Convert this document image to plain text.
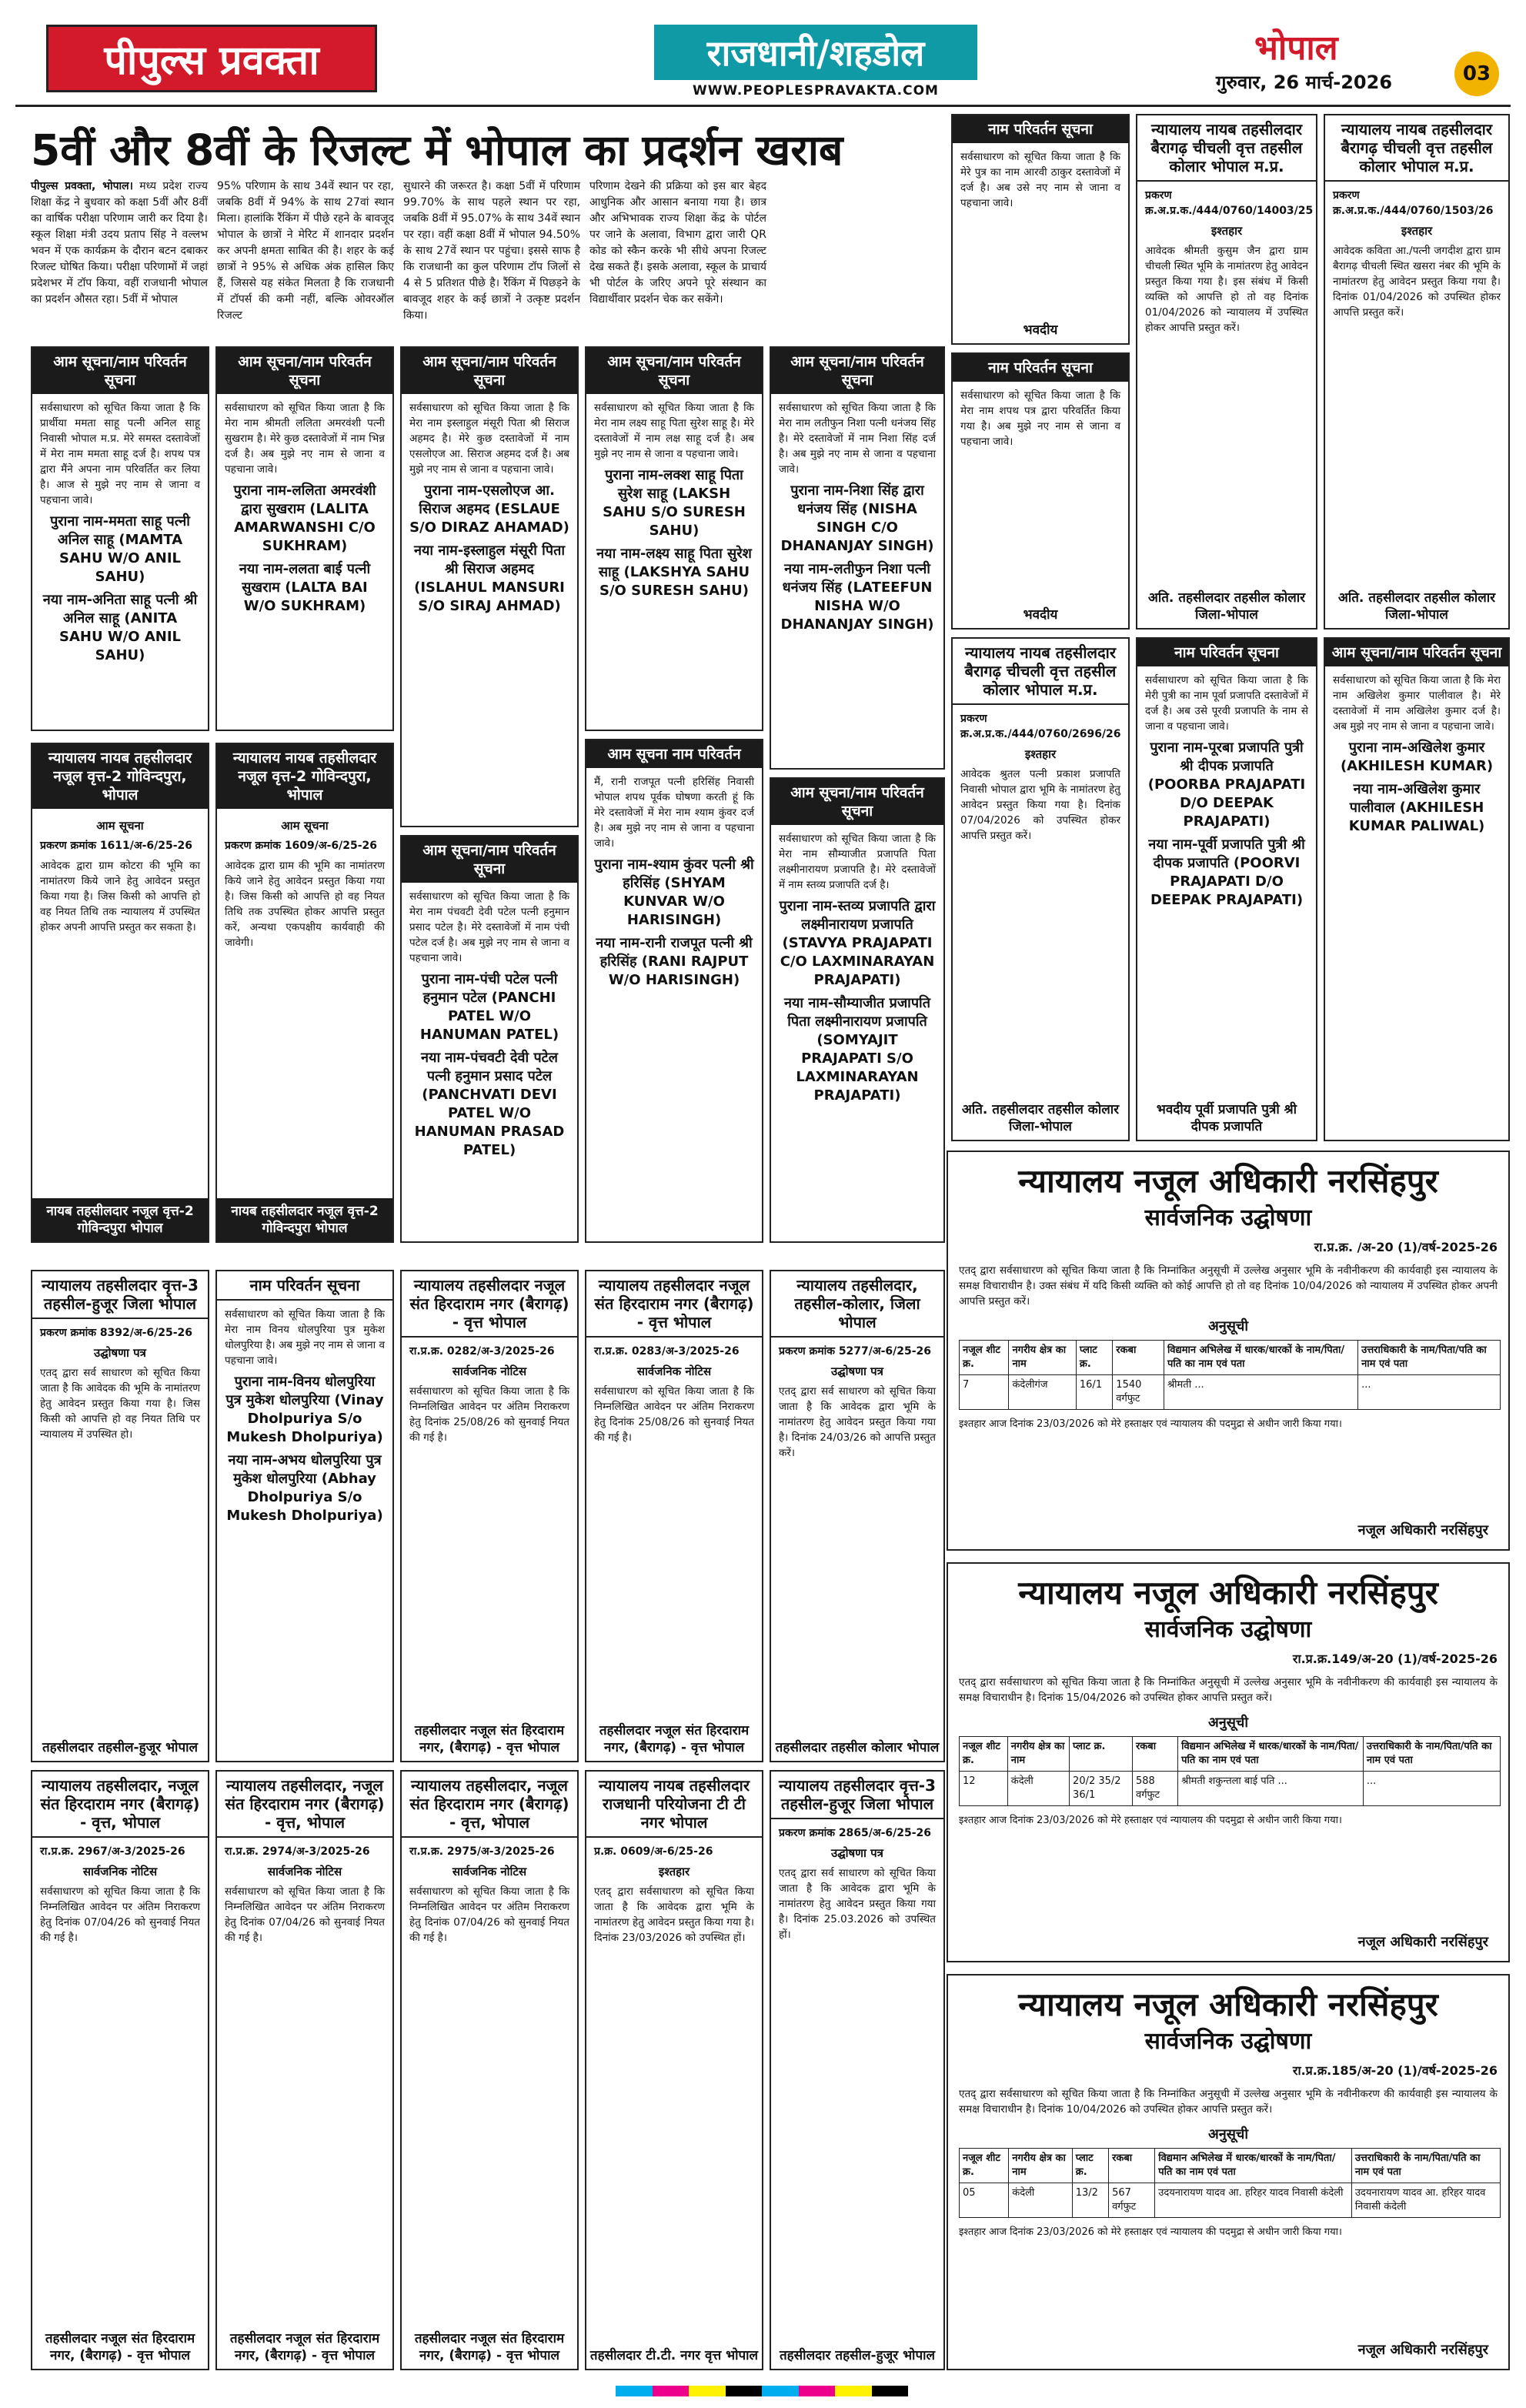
पीपुल्स प्रवक्ता	राजधानी/शहडोल
WWW.PEOPLESPRAVAKTA.COM
भोपाल
गुरुवार, 26 मार्च-2026	03
5वीं और 8वीं के रिजल्ट में भोपाल का प्रदर्शन खराब
पीपुल्स प्रवक्ता, भोपाल। मध्य प्रदेश राज्य शिक्षा केंद्र ने बुधवार को कक्षा 5वीं और 8वीं का वार्षिक परीक्षा परिणाम जारी कर दिया है। स्कूल शिक्षा मंत्री उदय प्रताप सिंह ने वल्लभ भवन में एक कार्यक्रम के दौरान बटन दबाकर रिजल्ट घोषित किया। परीक्षा परिणामों में जहां प्रदेशभर में टॉप किया, वहीं राजधानी भोपाल का प्रदर्शन औसत रहा। 5वीं में भोपाल
95% परिणाम के साथ 34वें स्थान पर रहा, जबकि 8वीं में 94% के साथ 27वां स्थान मिला। हालांकि रैंकिंग में पीछे रहने के बावजूद भोपाल के छात्रों ने मेरिट में शानदार प्रदर्शन कर अपनी क्षमता साबित की है। शहर के कई छात्रों ने 95% से अधिक अंक हासिल किए हैं, जिससे यह संकेत मिलता है कि राजधानी में टॉपर्स की कमी नहीं, बल्कि ओवरऑल रिजल्ट
सुधारने की जरूरत है। कक्षा 5वीं में परिणाम 99.70% के साथ पहले स्थान पर रहा, जबकि 8वीं में 95.07% के साथ 34वें स्थान पर रहा। वहीं कक्षा 8वीं में भोपाल 94.50% के साथ 27वें स्थान पर पहुंचा। इससे साफ है कि राजधानी का कुल परिणाम टॉप जिलों से 4 से 5 प्रतिशत पीछे है। रैंकिंग में पिछड़ने के बावजूद शहर के कई छात्रों ने उत्कृष्ट प्रदर्शन किया।
परिणाम देखने की प्रक्रिया को इस बार बेहद आधुनिक और आसान बनाया गया है। छात्र और अभिभावक राज्य शिक्षा केंद्र के पोर्टल पर जाने के अलावा, विभाग द्वारा जारी QR कोड को स्कैन करके भी सीधे अपना रिजल्ट देख सकते हैं। इसके अलावा, स्कूल के प्राचार्य भी पोर्टल के जरिए अपने पूरे संस्थान का विद्यार्थीवार प्रदर्शन चेक कर सकेंगे।
आम सूचना/नाम परिवर्तन सूचना
सर्वसाधारण को सूचित किया जाता है कि प्रार्थीया ममता साहू पत्नी अनिल साहू निवासी भोपाल म.प्र. मेरे समस्त दस्तावेजों में मेरा नाम ममता साहू दर्ज है। शपथ पत्र द्वारा मैंने अपना नाम परिवर्तित कर लिया है। आज से मुझे नए नाम से जाना व पहचाना जावे।
पुराना नाम-ममता साहू पत्नी अनिल साहू (MAMTA SAHU W/O ANIL SAHU)
नया नाम-अनिता साहू पत्नी श्री अनिल साहू (ANITA SAHU W/O ANIL SAHU)
आम सूचना/नाम परिवर्तन सूचना
सर्वसाधारण को सूचित किया जाता है कि मेरा नाम श्रीमती ललिता अमरवंशी पत्नी सुखराम है। मेरे कुछ दस्तावेजों में नाम भिन्न दर्ज है। अब मुझे नए नाम से जाना व पहचाना जावे।
पुराना नाम-ललिता अमरवंशी द्वारा सुखराम (LALITA AMARWANSHI C/O SUKHRAM)
नया नाम-ललता बाई पत्नी सुखराम (LALTA BAI W/O SUKHRAM)
आम सूचना/नाम परिवर्तन सूचना
सर्वसाधारण को सूचित किया जाता है कि मेरा नाम इस्लाहुल मंसूरी पिता श्री सिराज अहमद है। मेरे कुछ दस्तावेजों में नाम एसलोएज आ. सिराज अहमद दर्ज है। अब मुझे नए नाम से जाना व पहचाना जावे।
पुराना नाम-एसलोएज आ. सिराज अहमद (ESLAUE S/O DIRAZ AHAMAD)
नया नाम-इस्लाहुल मंसूरी पिता श्री सिराज अहमद (ISLAHUL MANSURI S/O SIRAJ AHMAD)
आम सूचना/नाम परिवर्तन सूचना
सर्वसाधारण को सूचित किया जाता है कि मेरा नाम लक्ष्य साहू पिता सुरेश साहू है। मेरे दस्तावेजों में नाम लक्ष साहू दर्ज है। अब मुझे नए नाम से जाना व पहचाना जावे।
पुराना नाम-लक्श साहू पिता सुरेश साहू (LAKSH SAHU S/O SURESH SAHU)
नया नाम-लक्ष्य साहू पिता सुरेश साहू (LAKSHYA SAHU S/O SURESH SAHU)
आम सूचना/नाम परिवर्तन सूचना
सर्वसाधारण को सूचित किया जाता है कि मेरा नाम लतीफुन निशा पत्नी धनंजय सिंह है। मेरे दस्तावेजों में नाम निशा सिंह दर्ज है। अब मुझे नए नाम से जाना व पहचाना जावे।
पुराना नाम-निशा सिंह द्वारा धनंजय सिंह (NISHA SINGH C/O DHANANJAY SINGH)
नया नाम-लतीफुन निशा पत्नी धनंजय सिंह (LATEEFUN NISHA W/O DHANANJAY SINGH)
न्यायालय नायब तहसीलदार नजूल वृत्त-2 गोविन्दपुरा, भोपाल
आम सूचना
प्रकरण क्रमांक 1611/अ-6/25-26
आवेदक द्वारा ग्राम कोटरा की भूमि का नामांतरण किये जाने हेतु आवेदन प्रस्तुत किया गया है। जिस किसी को आपत्ति हो वह नियत तिथि तक न्यायालय में उपस्थित होकर अपनी आपत्ति प्रस्तुत कर सकता है।
नायब तहसीलदार नजूल वृत्त-2 गोविन्दपुरा भोपाल
न्यायालय नायब तहसीलदार नजूल वृत्त-2 गोविन्दपुरा, भोपाल
आम सूचना
प्रकरण क्रमांक 1609/अ-6/25-26
आवेदक द्वारा ग्राम की भूमि का नामांतरण किये जाने हेतु आवेदन प्रस्तुत किया गया है। जिस किसी को आपत्ति हो वह नियत तिथि तक उपस्थित होकर आपत्ति प्रस्तुत करें, अन्यथा एकपक्षीय कार्यवाही की जावेगी।
नायब तहसीलदार नजूल वृत्त-2 गोविन्दपुरा भोपाल
आम सूचना/नाम परिवर्तन सूचना
सर्वसाधारण को सूचित किया जाता है कि मेरा नाम पंचवटी देवी पटेल पत्नी हनुमान प्रसाद पटेल है। मेरे दस्तावेजों में नाम पंची पटेल दर्ज है। अब मुझे नए नाम से जाना व पहचाना जावे।
पुराना नाम-पंची पटेल पत्नी हनुमान पटेल (PANCHI PATEL W/O HANUMAN PATEL)
नया नाम-पंचवटी देवी पटेल पत्नी हनुमान प्रसाद पटेल (PANCHVATI DEVI PATEL W/O HANUMAN PRASAD PATEL)
आम सूचना नाम परिवर्तन
मैं, रानी राजपूत पत्नी हरिसिंह निवासी भोपाल शपथ पूर्वक घोषणा करती हूं कि मेरे दस्तावेजों में मेरा नाम श्याम कुंवर दर्ज है। अब मुझे नए नाम से जाना व पहचाना जावे।
पुराना नाम-श्याम कुंवर पत्नी श्री हरिसिंह (SHYAM KUNVAR W/O HARISINGH)
नया नाम-रानी राजपूत पत्नी श्री हरिसिंह (RANI RAJPUT W/O HARISINGH)
आम सूचना/नाम परिवर्तन सूचना
सर्वसाधारण को सूचित किया जाता है कि मेरा नाम सौम्याजीत प्रजापति पिता लक्ष्मीनारायण प्रजापति है। मेरे दस्तावेजों में नाम स्तव्य प्रजापति दर्ज है।
पुराना नाम-स्तव्य प्रजापति द्वारा लक्ष्मीनारायण प्रजापति (STAVYA PRAJAPATI C/O LAXMINARAYAN PRAJAPATI)
नया नाम-सौम्याजीत प्रजापति पिता लक्ष्मीनारायण प्रजापति (SOMYAJIT PRAJAPATI S/O LAXMINARAYAN PRAJAPATI)
नाम परिवर्तन सूचना
सर्वसाधारण को सूचित किया जाता है कि मेरे पुत्र का नाम आरवी ठाकुर दस्तावेजों में दर्ज है। अब उसे नए नाम से जाना व पहचाना जावे।
भवदीय
नाम परिवर्तन सूचना
सर्वसाधारण को सूचित किया जाता है कि मेरा नाम शपथ पत्र द्वारा परिवर्तित किया गया है। अब मुझे नए नाम से जाना व पहचाना जावे।
भवदीय
न्यायालय नायब तहसीलदार बैरागढ़ चीचली वृत्त तहसील कोलार भोपाल म.प्र.
प्रकरण क्र.अ.प्र.क./444/0760/14003/25
इश्तहार
आवेदक श्रीमती कुसुम जैन द्वारा ग्राम चीचली स्थित भूमि के नामांतरण हेतु आवेदन प्रस्तुत किया गया है। इस संबंध में किसी व्यक्ति को आपत्ति हो तो वह दिनांक 01/04/2026 को न्यायालय में उपस्थित होकर आपत्ति प्रस्तुत करें।
अति. तहसीलदार तहसील कोलार जिला-भोपाल
न्यायालय नायब तहसीलदार बैरागढ़ चीचली वृत्त तहसील कोलार भोपाल म.प्र.
प्रकरण क्र.अ.प्र.क./444/0760/1503/26
इश्तहार
आवेदक कविता आ./पत्नी जगदीश द्वारा ग्राम बैरागढ़ चीचली स्थित खसरा नंबर की भूमि के नामांतरण हेतु आवेदन प्रस्तुत किया गया है। दिनांक 01/04/2026 को उपस्थित होकर आपत्ति प्रस्तुत करें।
अति. तहसीलदार तहसील कोलार जिला-भोपाल
न्यायालय नायब तहसीलदार बैरागढ़ चीचली वृत्त तहसील कोलार भोपाल म.प्र.
प्रकरण क्र.अ.प्र.क./444/0760/2696/26
इश्तहार
आवेदक श्रुतल पत्नी प्रकाश प्रजापति निवासी भोपाल द्वारा भूमि के नामांतरण हेतु आवेदन प्रस्तुत किया गया है। दिनांक 07/04/2026 को उपस्थित होकर आपत्ति प्रस्तुत करें।
अति. तहसीलदार तहसील कोलार जिला-भोपाल
नाम परिवर्तन सूचना
सर्वसाधारण को सूचित किया जाता है कि मेरी पुत्री का नाम पूर्वा प्रजापति दस्तावेजों में दर्ज है। अब उसे पूरवी प्रजापति के नाम से जाना व पहचाना जावे।
पुराना नाम-पूरबा प्रजापति पुत्री श्री दीपक प्रजापति (POORBA PRAJAPATI D/O DEEPAK PRAJAPATI)
नया नाम-पूर्वी प्रजापति पुत्री श्री दीपक प्रजापति (POORVI PRAJAPATI D/O DEEPAK PRAJAPATI)
भवदीय पूर्वी प्रजापति पुत्री श्री दीपक प्रजापति
आम सूचना/नाम परिवर्तन सूचना
सर्वसाधारण को सूचित किया जाता है कि मेरा नाम अखिलेश कुमार पालीवाल है। मेरे दस्तावेजों में नाम अखिलेश कुमार दर्ज है। अब मुझे नए नाम से जाना व पहचाना जावे।
पुराना नाम-अखिलेश कुमार (AKHILESH KUMAR)
नया नाम-अखिलेश कुमार पालीवाल (AKHILESH KUMAR PALIWAL)
न्यायालय तहसीलदार वृत्त-3 तहसील-हुजूर जिला भोपाल
प्रकरण क्रमांक 8392/अ-6/25-26
उद्घोषणा पत्र
एतद् द्वारा सर्व साधारण को सूचित किया जाता है कि आवेदक की भूमि के नामांतरण हेतु आवेदन प्रस्तुत किया गया है। जिस किसी को आपत्ति हो वह नियत तिथि पर न्यायालय में उपस्थित हो।
तहसीलदार तहसील-हुजूर भोपाल
नाम परिवर्तन सूचना
सर्वसाधारण को सूचित किया जाता है कि मेरा नाम विनय धोलपुरिया पुत्र मुकेश धोलपुरिया है। अब मुझे नए नाम से जाना व पहचाना जावे।
पुराना नाम-विनय धोलपुरिया पुत्र मुकेश धोलपुरिया (Vinay Dholpuriya S/o Mukesh Dholpuriya)
नया नाम-अभय धोलपुरिया पुत्र मुकेश धोलपुरिया (Abhay Dholpuriya S/o Mukesh Dholpuriya)
न्यायालय तहसीलदार नजूल संत हिरदाराम नगर (बैरागढ़) - वृत्त भोपाल
रा.प्र.क्र. 0282/अ-3/2025-26
सार्वजनिक नोटिस
सर्वसाधारण को सूचित किया जाता है कि निम्नलिखित आवेदन पर अंतिम निराकरण हेतु दिनांक 25/08/26 को सुनवाई नियत की गई है।
तहसीलदार नजूल संत हिरदाराम नगर, (बैरागढ़) - वृत्त भोपाल
न्यायालय तहसीलदार नजूल संत हिरदाराम नगर (बैरागढ़) - वृत्त भोपाल
रा.प्र.क्र. 0283/अ-3/2025-26
सार्वजनिक नोटिस
सर्वसाधारण को सूचित किया जाता है कि निम्नलिखित आवेदन पर अंतिम निराकरण हेतु दिनांक 25/08/26 को सुनवाई नियत की गई है।
तहसीलदार नजूल संत हिरदाराम नगर, (बैरागढ़) - वृत्त भोपाल
न्यायालय तहसीलदार, तहसील-कोलार, जिला भोपाल
प्रकरण क्रमांक 5277/अ-6/25-26
उद्घोषणा पत्र
एतद् द्वारा सर्व साधारण को सूचित किया जाता है कि आवेदक द्वारा भूमि के नामांतरण हेतु आवेदन प्रस्तुत किया गया है। दिनांक 24/03/26 को आपत्ति प्रस्तुत करें।
तहसीलदार तहसील कोलार भोपाल
न्यायालय तहसीलदार, नजूल संत हिरदाराम नगर (बैरागढ़) - वृत्त, भोपाल
रा.प्र.क्र. 2967/अ-3/2025-26
सार्वजनिक नोटिस
सर्वसाधारण को सूचित किया जाता है कि निम्नलिखित आवेदन पर अंतिम निराकरण हेतु दिनांक 07/04/26 को सुनवाई नियत की गई है।
तहसीलदार नजूल संत हिरदाराम नगर, (बैरागढ़) - वृत्त भोपाल
न्यायालय तहसीलदार, नजूल संत हिरदाराम नगर (बैरागढ़) - वृत्त, भोपाल
रा.प्र.क्र. 2974/अ-3/2025-26
सार्वजनिक नोटिस
सर्वसाधारण को सूचित किया जाता है कि निम्नलिखित आवेदन पर अंतिम निराकरण हेतु दिनांक 07/04/26 को सुनवाई नियत की गई है।
तहसीलदार नजूल संत हिरदाराम नगर, (बैरागढ़) - वृत्त भोपाल
न्यायालय तहसीलदार, नजूल संत हिरदाराम नगर (बैरागढ़) - वृत्त, भोपाल
रा.प्र.क्र. 2975/अ-3/2025-26
सार्वजनिक नोटिस
सर्वसाधारण को सूचित किया जाता है कि निम्नलिखित आवेदन पर अंतिम निराकरण हेतु दिनांक 07/04/26 को सुनवाई नियत की गई है।
तहसीलदार नजूल संत हिरदाराम नगर, (बैरागढ़) - वृत्त भोपाल
न्यायालय नायब तहसीलदार राजधानी परियोजना टी टी नगर भोपाल
प्र.क्र. 0609/अ-6/25-26
इश्तहार
एतद् द्वारा सर्वसाधारण को सूचित किया जाता है कि आवेदक द्वारा भूमि के नामांतरण हेतु आवेदन प्रस्तुत किया गया है। दिनांक 23/03/2026 को उपस्थित हों।
तहसीलदार टी.टी. नगर वृत्त भोपाल
न्यायालय तहसीलदार वृत्त-3 तहसील-हुजूर जिला भोपाल
प्रकरण क्रमांक 2865/अ-6/25-26
उद्घोषणा पत्र
एतद् द्वारा सर्व साधारण को सूचित किया जाता है कि आवेदक द्वारा भूमि के नामांतरण हेतु आवेदन प्रस्तुत किया गया है। दिनांक 25.03.2026 को उपस्थित हों।
तहसीलदार तहसील-हुजूर भोपाल
न्यायालय नजूल अधिकारी नरसिंहपुर
सार्वजनिक उद्घोषणा
रा.प्र.क्र. /अ-20 (1)/वर्ष-2025-26
एतद् द्वारा सर्वसाधारण को सूचित किया जाता है कि निम्नांकित अनुसूची में उल्लेख अनुसार भूमि के नवीनीकरण की कार्यवाही इस न्यायालय के समक्ष विचाराधीन है। उक्त संबंध में यदि किसी व्यक्ति को कोई आपत्ति हो तो वह दिनांक 10/04/2026 को न्यायालय में उपस्थित होकर अपनी आपत्ति प्रस्तुत करें।
अनुसूची
नजूल शीट क्र.	नगरीय क्षेत्र का नाम	प्लाट क्र.	रकबा	विद्यमान अभिलेख में धारक/धारकों के नाम/पिता/पति का नाम एवं पता	उत्तराधिकारी के नाम/पिता/पति का नाम एवं पता
7	कंदेलीगंज	16/1	1540 वर्गफुट	श्रीमती ...	...
इश्तहार आज दिनांक 23/03/2026 को मेरे हस्ताक्षर एवं न्यायालय की पदमुद्रा से अधीन जारी किया गया।
नजूल अधिकारी नरसिंहपुर
न्यायालय नजूल अधिकारी नरसिंहपुर
सार्वजनिक उद्घोषणा
रा.प्र.क्र.149/अ-20 (1)/वर्ष-2025-26
एतद् द्वारा सर्वसाधारण को सूचित किया जाता है कि निम्नांकित अनुसूची में उल्लेख अनुसार भूमि के नवीनीकरण की कार्यवाही इस न्यायालय के समक्ष विचाराधीन है। दिनांक 15/04/2026 को उपस्थित होकर आपत्ति प्रस्तुत करें।
अनुसूची
नजूल शीट क्र.	नगरीय क्षेत्र का नाम	प्लाट क्र.	रकबा	विद्यमान अभिलेख में धारक/धारकों के नाम/पिता/पति का नाम एवं पता	उत्तराधिकारी के नाम/पिता/पति का नाम एवं पता
12	कंदेली	20/2 35/2 36/1	588 वर्गफुट	श्रीमती शकुन्तला बाई पति ...	...
इश्तहार आज दिनांक 23/03/2026 को मेरे हस्ताक्षर एवं न्यायालय की पदमुद्रा से अधीन जारी किया गया।
नजूल अधिकारी नरसिंहपुर
न्यायालय नजूल अधिकारी नरसिंहपुर
सार्वजनिक उद्घोषणा
रा.प्र.क्र.185/अ-20 (1)/वर्ष-2025-26
एतद् द्वारा सर्वसाधारण को सूचित किया जाता है कि निम्नांकित अनुसूची में उल्लेख अनुसार भूमि के नवीनीकरण की कार्यवाही इस न्यायालय के समक्ष विचाराधीन है। दिनांक 10/04/2026 को उपस्थित होकर आपत्ति प्रस्तुत करें।
अनुसूची
नजूल शीट क्र.	नगरीय क्षेत्र का नाम	प्लाट क्र.	रकबा	विद्यमान अभिलेख में धारक/धारकों के नाम/पिता/पति का नाम एवं पता	उत्तराधिकारी के नाम/पिता/पति का नाम एवं पता
05	कंदेली	13/2	567 वर्गफुट	उदयनारायण यादव आ. हरिहर यादव निवासी कंदेली	उदयनारायण यादव आ. हरिहर यादव निवासी कंदेली
इश्तहार आज दिनांक 23/03/2026 को मेरे हस्ताक्षर एवं न्यायालय की पदमुद्रा से अधीन जारी किया गया।
नजूल अधिकारी नरसिंहपुर
